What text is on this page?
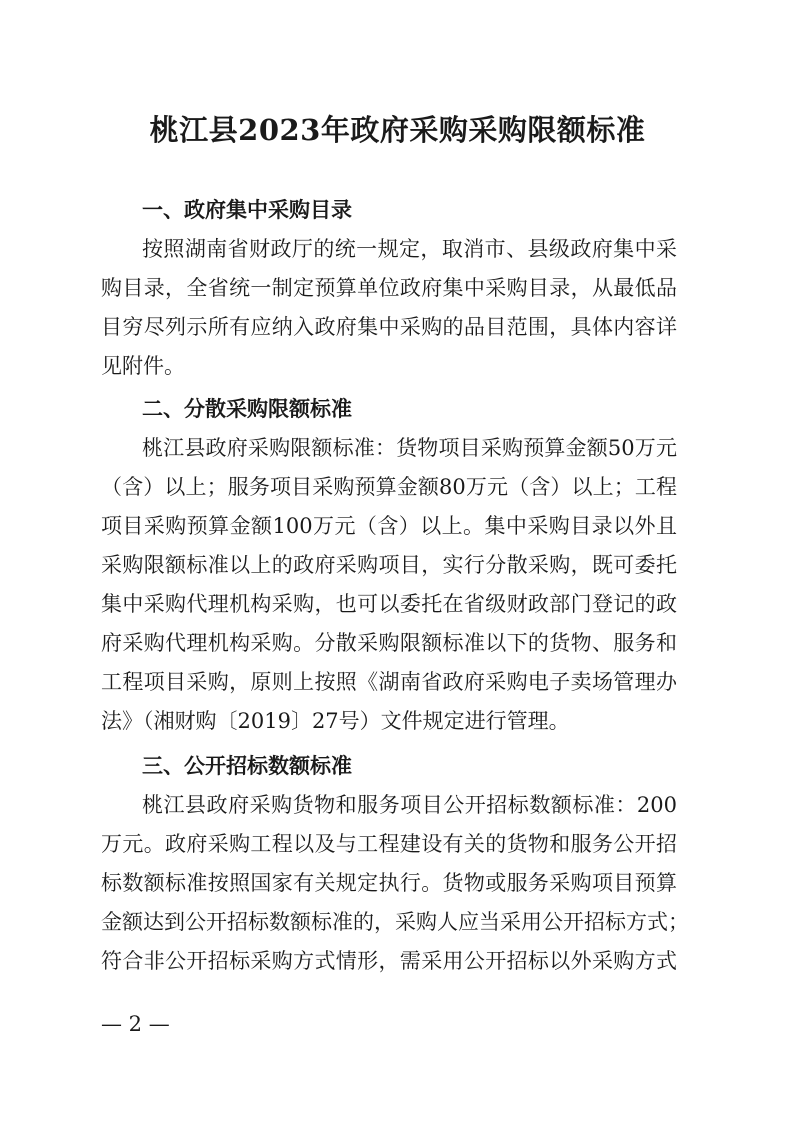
桃江县2023年政府采购采购限额标准
一、政府集中采购目录
按照湖南省财政厅的统一规定，取消市、县级政府集中采
购目录，全省统一制定预算单位政府集中采购目录，从最低品
目穷尽列示所有应纳入政府集中采购的品目范围，具体内容详
见附件。
二、分散采购限额标准
桃江县政府采购限额标准：货物项目采购预算金额50万元
（含）以上；服务项目采购预算金额80万元（含）以上；工程
项目采购预算金额100万元（含）以上。集中采购目录以外且
采购限额标准以上的政府采购项目，实行分散采购，既可委托
集中采购代理机构采购，也可以委托在省级财政部门登记的政
府采购代理机构采购。分散采购限额标准以下的货物、服务和
工程项目采购，原则上按照《湖南省政府采购电子卖场管理办
法》（湘财购〔2019〕27号）文件规定进行管理。
三、公开招标数额标准
桃江县政府采购货物和服务项目公开招标数额标准：200
万元。政府采购工程以及与工程建设有关的货物和服务公开招
标数额标准按照国家有关规定执行。货物或服务采购项目预算
金额达到公开招标数额标准的，采购人应当采用公开招标方式；
符合非公开招标采购方式情形，需采用公开招标以外采购方式
— 2 —
